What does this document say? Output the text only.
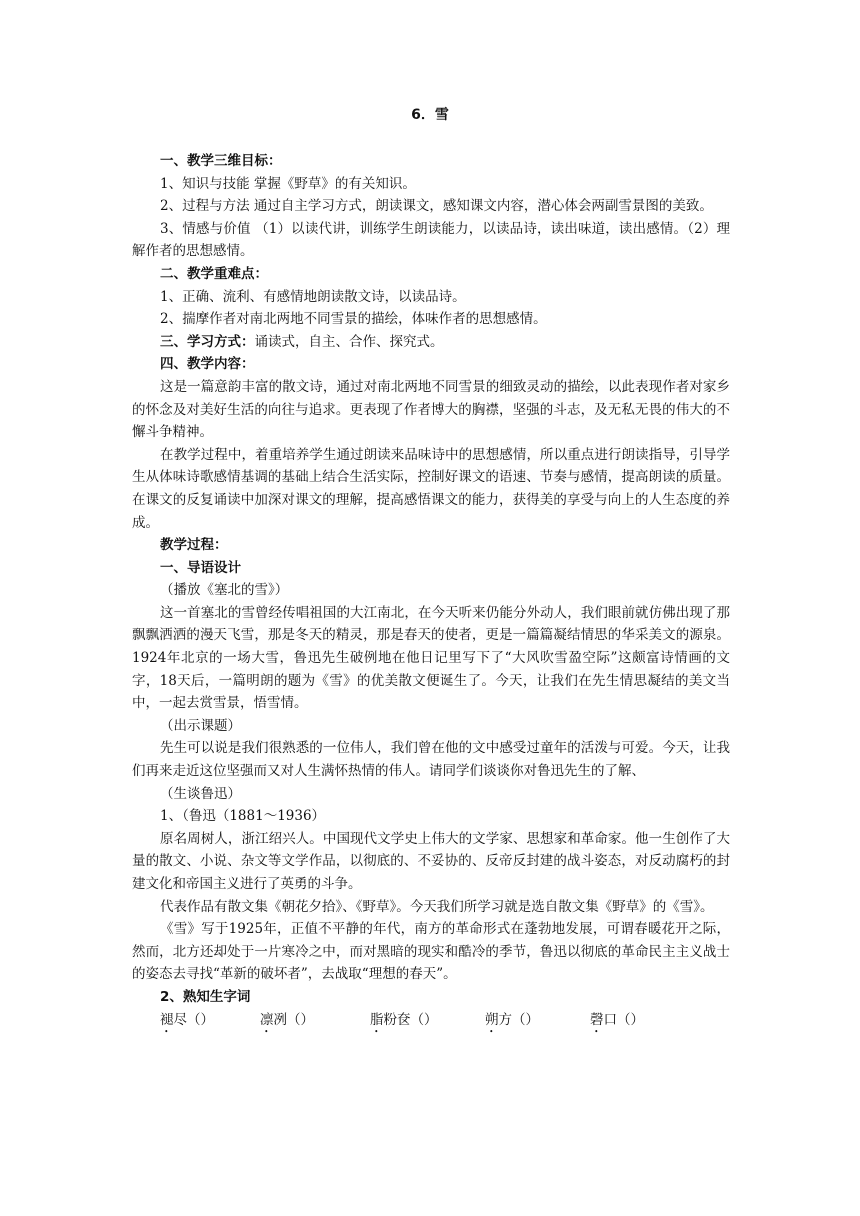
6．雪

一、教学三维目标：

1、知识与技能 掌握《野草》的有关知识。

2、过程与方法 通过自主学习方式，朗读课文，感知课文内容，潜心体会两副雪景图的美致。

3、情感与价值 （1）以读代讲，训练学生朗读能力，以读品诗，读出味道，读出感情。（2）理解作者的思想感情。

二、教学重难点：

1、正确、流利、有感情地朗读散文诗，以读品诗。

2、揣摩作者对南北两地不同雪景的描绘，体味作者的思想感情。

三、学习方式：诵读式，自主、合作、探究式。

四、教学内容：

这是一篇意韵丰富的散文诗，通过对南北两地不同雪景的细致灵动的描绘，以此表现作者对家乡的怀念及对美好生活的向往与追求。更表现了作者博大的胸襟，坚强的斗志，及无私无畏的伟大的不懈斗争精神。

在教学过程中，着重培养学生通过朗读来品味诗中的思想感情，所以重点进行朗读指导，引导学生从体味诗歌感情基调的基础上结合生活实际，控制好课文的语速、节奏与感情，提高朗读的质量。在课文的反复诵读中加深对课文的理解，提高感悟课文的能力，获得美的享受与向上的人生态度的养成。

教学过程：

一、导语设计

（播放《塞北的雪》）

这一首塞北的雪曾经传唱祖国的大江南北，在今天听来仍能分外动人，我们眼前就仿佛出现了那飘飘洒洒的漫天飞雪，那是冬天的精灵，那是春天的使者，更是一篇篇凝结情思的华采美文的源泉。1924年北京的一场大雪，鲁迅先生破例地在他日记里写下了“大风吹雪盈空际”这颇富诗情画的文字，18天后，一篇明朗的题为《雪》的优美散文便诞生了。今天，让我们在先生情思凝结的美文当中，一起去赏雪景，悟雪情。

（出示课题）

先生可以说是我们很熟悉的一位伟人，我们曾在他的文中感受过童年的活泼与可爱。今天，让我们再来走近这位坚强而又对人生满怀热情的伟人。请同学们谈谈你对鲁迅先生的了解、

（生谈鲁迅）

1、（鲁迅（1881～1936）

原名周树人，浙江绍兴人。中国现代文学史上伟大的文学家、思想家和革命家。他一生创作了大量的散文、小说、杂文等文学作品，以彻底的、不妥协的、反帝反封建的战斗姿态，对反动腐朽的封建文化和帝国主义进行了英勇的斗争。

代表作品有散文集《朝花夕拾》、《野草》。今天我们所学习就是选自散文集《野草》的《雪》。

《雪》写于1925年，正值不平静的年代，南方的革命形式在蓬勃地发展，可谓春暖花开之际，然而，北方还却处于一片寒冷之中，而对黑暗的现实和酷冷的季节，鲁迅以彻底的革命民主主义战士的姿态去寻找“革新的破坏者”，去战取“理想的春天”。

2、熟知生字词

褪尽（）	凛冽（）	脂粉奁（）	朔方（）	磬口（）
